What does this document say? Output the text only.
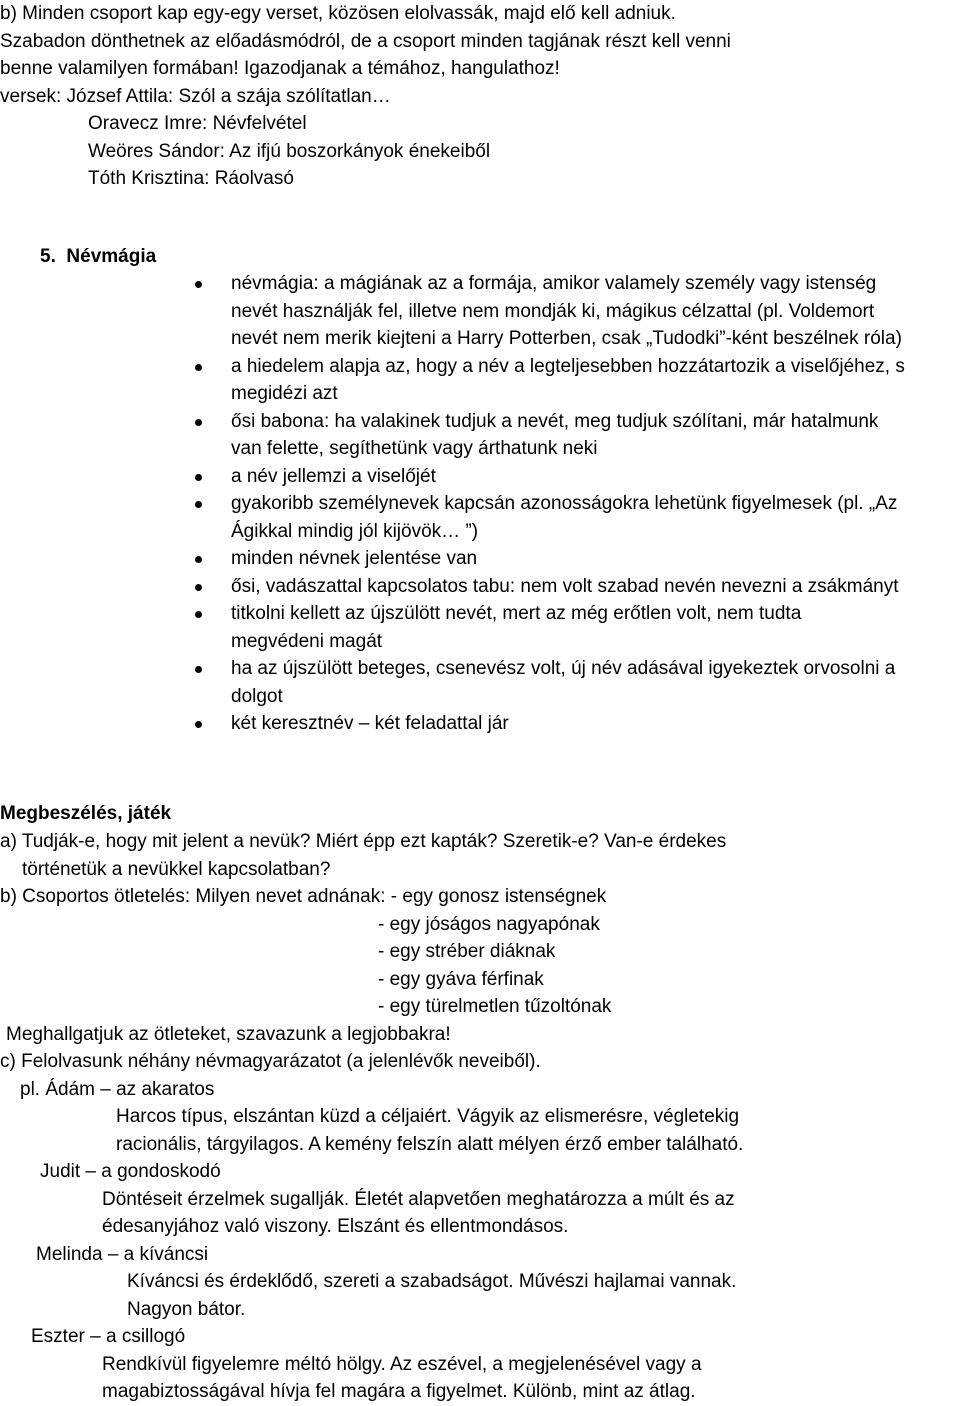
b) Minden csoport kap egy-egy verset, közösen elolvassák, majd elő kell adniuk.
Szabadon dönthetnek az előadásmódról, de a csoport minden tagjának részt kell venni
benne valamilyen formában! Igazodjanak a témához, hangulathoz!
versek: József Attila: Szól a szája szólítatlan…
Oravecz Imre: Névfelvétel
Weöres Sándor: Az ifjú boszorkányok énekeiből
Tóth Krisztina: Ráolvasó
5.  Névmágia
névmágia: a mágiának az a formája, amikor valamely személy vagy istenség
nevét használják fel, illetve nem mondják ki, mágikus célzattal (pl. Voldemort
nevét nem merik kiejteni a Harry Potterben, csak „Tudodki”-ként beszélnek róla)
a hiedelem alapja az, hogy a név a legteljesebben hozzátartozik a viselőjéhez, s
megidézi azt
ősi babona: ha valakinek tudjuk a nevét, meg tudjuk szólítani, már hatalmunk
van felette, segíthetünk vagy árthatunk neki
a név jellemzi a viselőjét
gyakoribb személynevek kapcsán azonosságokra lehetünk figyelmesek (pl. „Az
Ágikkal mindig jól kijövök… ”)
minden névnek jelentése van
ősi, vadászattal kapcsolatos tabu: nem volt szabad nevén nevezni a zsákmányt
titkolni kellett az újszülött nevét, mert az még erőtlen volt, nem tudta
megvédeni magát
ha az újszülött beteges, csenevész volt, új név adásával igyekeztek orvosolni a
dolgot
két keresztnév – két feladattal jár
Megbeszélés, játék
a) Tudják-e, hogy mit jelent a nevük? Miért épp ezt kapták? Szeretik-e? Van-e érdekes
történetük a nevükkel kapcsolatban?
b) Csoportos ötletelés: Milyen nevet adnának: - egy gonosz istenségnek
- egy jóságos nagyapónak
- egy stréber diáknak
- egy gyáva férfinak
- egy türelmetlen tűzoltónak
Meghallgatjuk az ötleteket, szavazunk a legjobbakra!
c) Felolvasunk néhány névmagyarázatot (a jelenlévők neveiből).
pl. Ádám – az akaratos
Harcos típus, elszántan küzd a céljaiért. Vágyik az elismerésre, végletekig
racionális, tárgyilagos. A kemény felszín alatt mélyen érző ember található.
Judit – a gondoskodó
Döntéseit érzelmek sugallják. Életét alapvetően meghatározza a múlt és az
édesanyjához való viszony. Elszánt és ellentmondásos.
Melinda – a kíváncsi
Kíváncsi és érdeklődő, szereti a szabadságot. Művészi hajlamai vannak.
Nagyon bátor.
Eszter – a csillogó
Rendkívül figyelemre méltó hölgy. Az eszével, a megjelenésével vagy a
magabiztosságával hívja fel magára a figyelmet. Különb, mint az átlag.
